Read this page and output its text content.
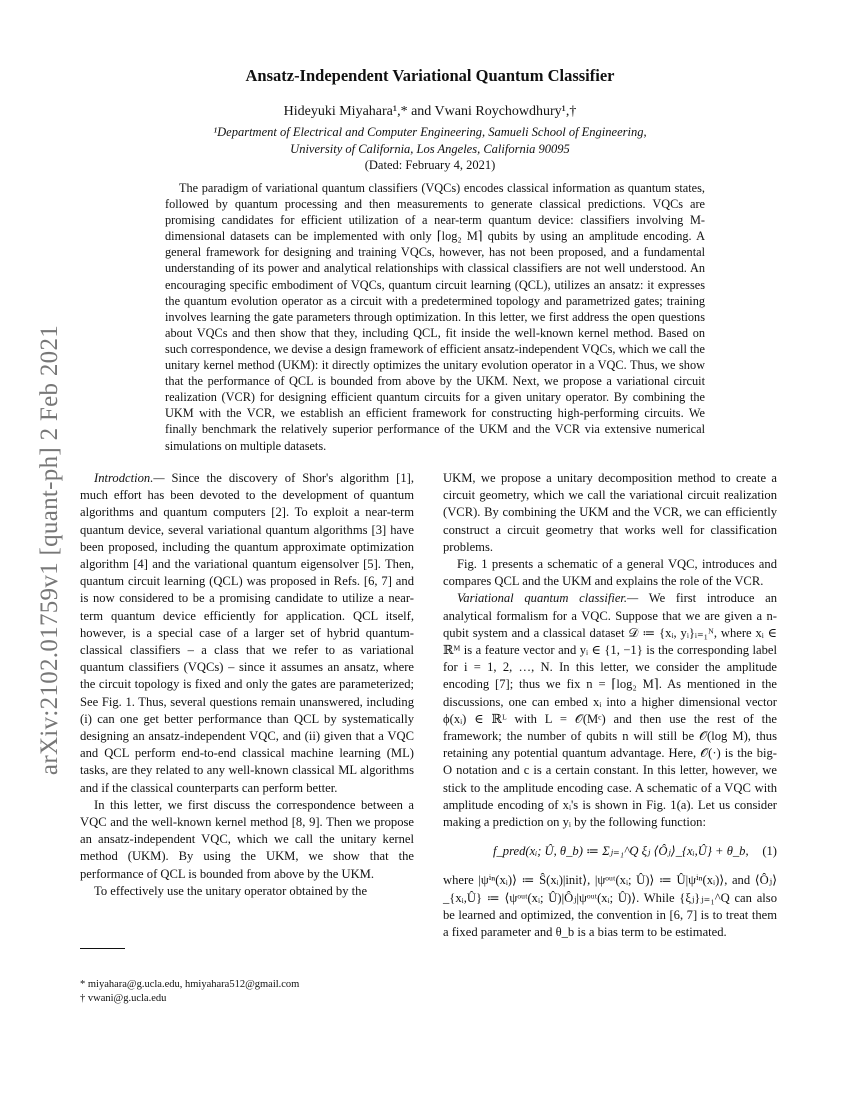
arXiv:2102.01759v1 [quant-ph] 2 Feb 2021
Ansatz-Independent Variational Quantum Classifier
Hideyuki Miyahara¹,* and Vwani Roychowdhury¹,†
¹Department of Electrical and Computer Engineering, Samueli School of Engineering,
University of California, Los Angeles, California 90095
(Dated: February 4, 2021)
The paradigm of variational quantum classifiers (VQCs) encodes classical information as quantum states, followed by quantum processing and then measurements to generate classical predictions. VQCs are promising candidates for efficient utilization of a near-term quantum device: classifiers involving M-dimensional datasets can be implemented with only ⌈log₂ M⌉ qubits by using an amplitude encoding. A general framework for designing and training VQCs, however, has not been proposed, and a fundamental understanding of its power and analytical relationships with classical classifiers are not well understood. An encouraging specific embodiment of VQCs, quantum circuit learning (QCL), utilizes an ansatz: it expresses the quantum evolution operator as a circuit with a predetermined topology and parametrized gates; training involves learning the gate parameters through optimization. In this letter, we first address the open questions about VQCs and then show that they, including QCL, fit inside the well-known kernel method. Based on such correspondence, we devise a design framework of efficient ansatz-independent VQCs, which we call the unitary kernel method (UKM): it directly optimizes the unitary evolution operator in a VQC. Thus, we show that the performance of QCL is bounded from above by the UKM. Next, we propose a variational circuit realization (VCR) for designing efficient quantum circuits for a given unitary operator. By combining the UKM with the VCR, we establish an efficient framework for constructing high-performing circuits. We finally benchmark the relatively superior performance of the UKM and the VCR via extensive numerical simulations on multiple datasets.

Introdction.— Since the discovery of Shor's algorithm [1], much effort has been devoted to the development of quantum algorithms and quantum computers [2]. To exploit a near-term quantum device, several variational quantum algorithms [3] have been proposed, including the quantum approximate optimization algorithm [4] and the variational quantum eigensolver [5]. Then, quantum circuit learning (QCL) was proposed in Refs. [6, 7] and is now considered to be a promising candidate to utilize a near-term quantum device efficiently for application. QCL itself, however, is a special case of a larger set of hybrid quantum-classical classifiers – a class that we refer to as variational quantum classifiers (VQCs) – since it assumes an ansatz, where the circuit topology is fixed and only the gates are parameterized; See Fig. 1. Thus, several questions remain unanswered, including (i) can one get better performance than QCL by systematically designing an ansatz-independent VQC, and (ii) given that a VQC and QCL perform end-to-end classical machine learning (ML) tasks, are they related to any well-known classical ML algorithms and if the classical counterparts can perform better.

In this letter, we first discuss the correspondence between a VQC and the well-known kernel method [8, 9]. Then we propose an ansatz-independent VQC, which we call the unitary kernel method (UKM). By using the UKM, we show that the performance of QCL is bounded from above by the UKM.

To effectively use the unitary operator obtained by the

* miyahara@g.ucla.edu, hmiyahara512@gmail.com
† vwani@g.ucla.edu

UKM, we propose a unitary decomposition method to create a circuit geometry, which we call the variational circuit realization (VCR). By combining the UKM and the VCR, we can efficiently construct a circuit geometry that works well for classification problems.

Fig. 1 presents a schematic of a general VQC, introduces and compares QCL and the UKM and explains the role of the VCR.

Variational quantum classifier.— We first introduce an analytical formalism for a VQC. Suppose that we are given a n-qubit system and a classical dataset 𝒟 ≔ {xᵢ, yᵢ}ᵢ₌₁ᴺ, where xᵢ ∈ ℝᴹ is a feature vector and yᵢ ∈ {1, −1} is the corresponding label for i = 1, 2, …, N. In this letter, we consider the amplitude encoding [7]; thus we fix n = ⌈log₂ M⌉. As mentioned in the discussions, one can embed xᵢ into a higher dimensional vector ϕ(xᵢ) ∈ ℝᴸ with L = 𝒪(Mᶜ) and then use the rest of the framework; the number of qubits n will still be 𝒪(log M), thus retaining any potential quantum advantage. Here, 𝒪(·) is the big-O notation and c is a certain constant. In this letter, however, we stick to the amplitude encoding case. A schematic of a VQC with amplitude encoding of xᵢ's is shown in Fig. 1(a). Let us consider making a prediction on yᵢ by the following function:

f_pred(xᵢ; Û, θ_b) ≔ Σⱼ₌₁^Q ξⱼ ⟨Ôⱼ⟩_{xᵢ,Û} + θ_b, (1)

where |ψⁱⁿ(xᵢ)⟩ ≔ Ŝ(xᵢ)|init⟩, |ψᵒᵘᵗ(xᵢ; Û)⟩ ≔ Û|ψⁱⁿ(xᵢ)⟩, and ⟨Ôⱼ⟩_{xᵢ,Û} ≔ ⟨ψᵒᵘᵗ(xᵢ; Û)|Ôⱼ|ψᵒᵘᵗ(xᵢ; Û)⟩. While {ξⱼ}ⱼ₌₁^Q can also be learned and optimized, the convention in [6, 7] is to treat them a fixed parameter and θ_b is a bias term to be estimated.
